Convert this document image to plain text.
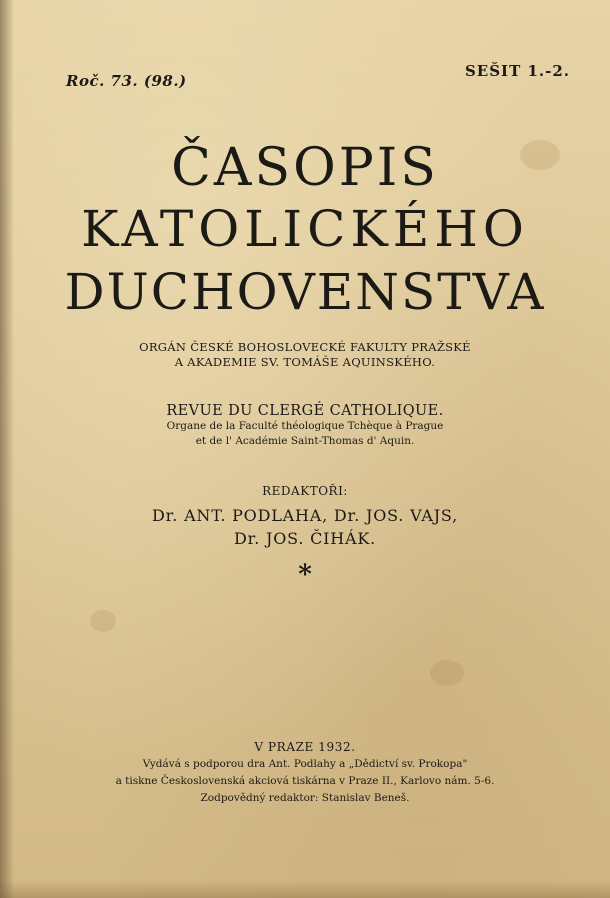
Roč. 73. (98.)
SEŠIT 1.-2.
ČASOPIS
KATOLICKÉHO
DUCHOVENSTVA
ORGÁN ČESKÉ BOHOSLOVECKÉ FAKULTY PRAŽSKÉ
A AKADEMIE SV. TOMÁŠE AQUINSKÉHO.
REVUE DU CLERGÉ CATHOLIQUE.
Organe de la Faculté théologique Tchèque à Prague
et de l' Académie Saint-Thomas d' Aquin.
REDAKTOŘI:
Dr. ANT. PODLAHA, Dr. JOS. VAJS,
Dr. JOS. ČIHÁK.
*
V PRAZE 1932.
Vydává s podporou dra Ant. Podlahy a „Dědictví sv. Prokopa"
a tiskne Československá akciová tiskárna v Praze II., Karlovo nám. 5-6.
Zodpovědný redaktor: Stanislav Beneš.
